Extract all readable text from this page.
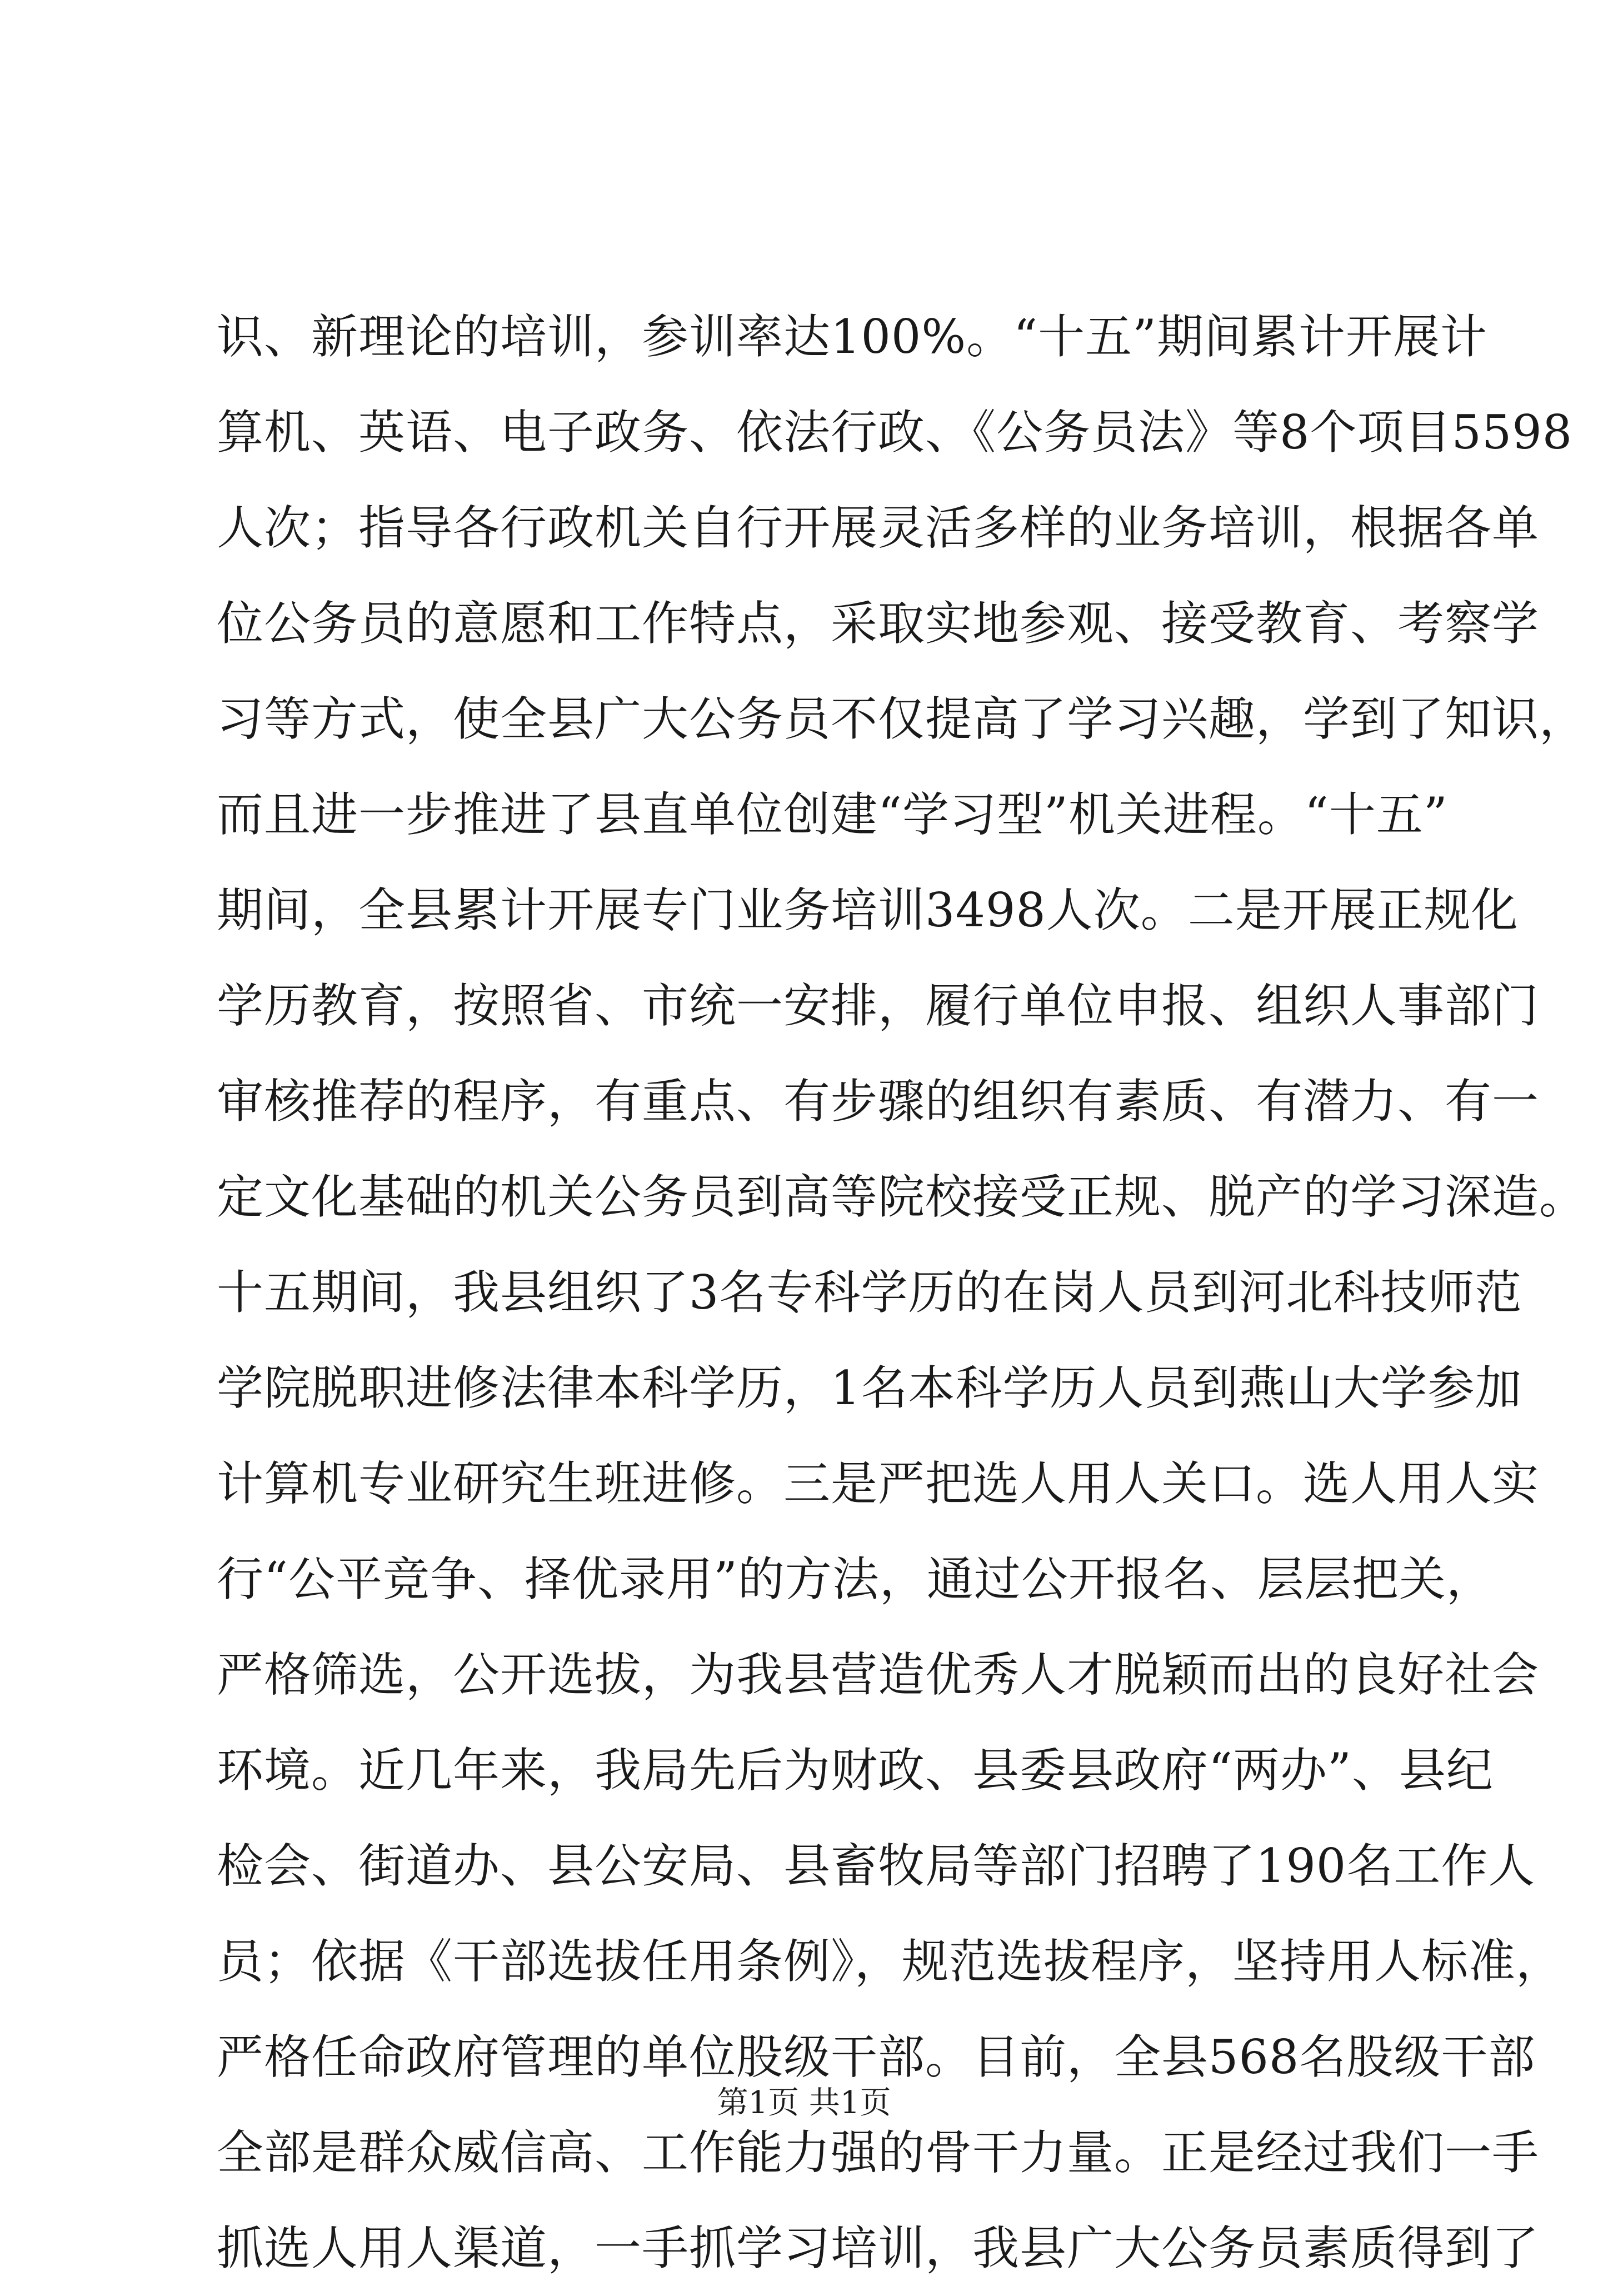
识、新理论的培训，参训率达100%。“十五”期间累计开展计
算机、英语、电子政务、依法行政、《公务员法》等8个项目5598
人次；指导各行政机关自行开展灵活多样的业务培训，根据各单
位公务员的意愿和工作特点，采取实地参观、接受教育、考察学
习等方式，使全县广大公务员不仅提高了学习兴趣，学到了知识，
而且进一步推进了县直单位创建“学习型”机关进程。“十五”
期间，全县累计开展专门业务培训3498人次。二是开展正规化
学历教育，按照省、市统一安排，履行单位申报、组织人事部门
审核推荐的程序，有重点、有步骤的组织有素质、有潜力、有一
定文化基础的机关公务员到高等院校接受正规、脱产的学习深造。
十五期间，我县组织了3名专科学历的在岗人员到河北科技师范
学院脱职进修法律本科学历，1名本科学历人员到燕山大学参加
计算机专业研究生班进修。三是严把选人用人关口。选人用人实
行“公平竞争、择优录用”的方法，通过公开报名、层层把关，
严格筛选，公开选拔，为我县营造优秀人才脱颖而出的良好社会
环境。近几年来，我局先后为财政、县委县政府“两办”、县纪
检会、街道办、县公安局、县畜牧局等部门招聘了190名工作人
员；依据《干部选拔任用条例》，规范选拔程序，坚持用人标准，
严格任命政府管理的单位股级干部。目前，全县568名股级干部
全部是群众威信高、工作能力强的骨干力量。正是经过我们一手
抓选人用人渠道，一手抓学习培训，我县广大公务员素质得到了
第1页 共1页
